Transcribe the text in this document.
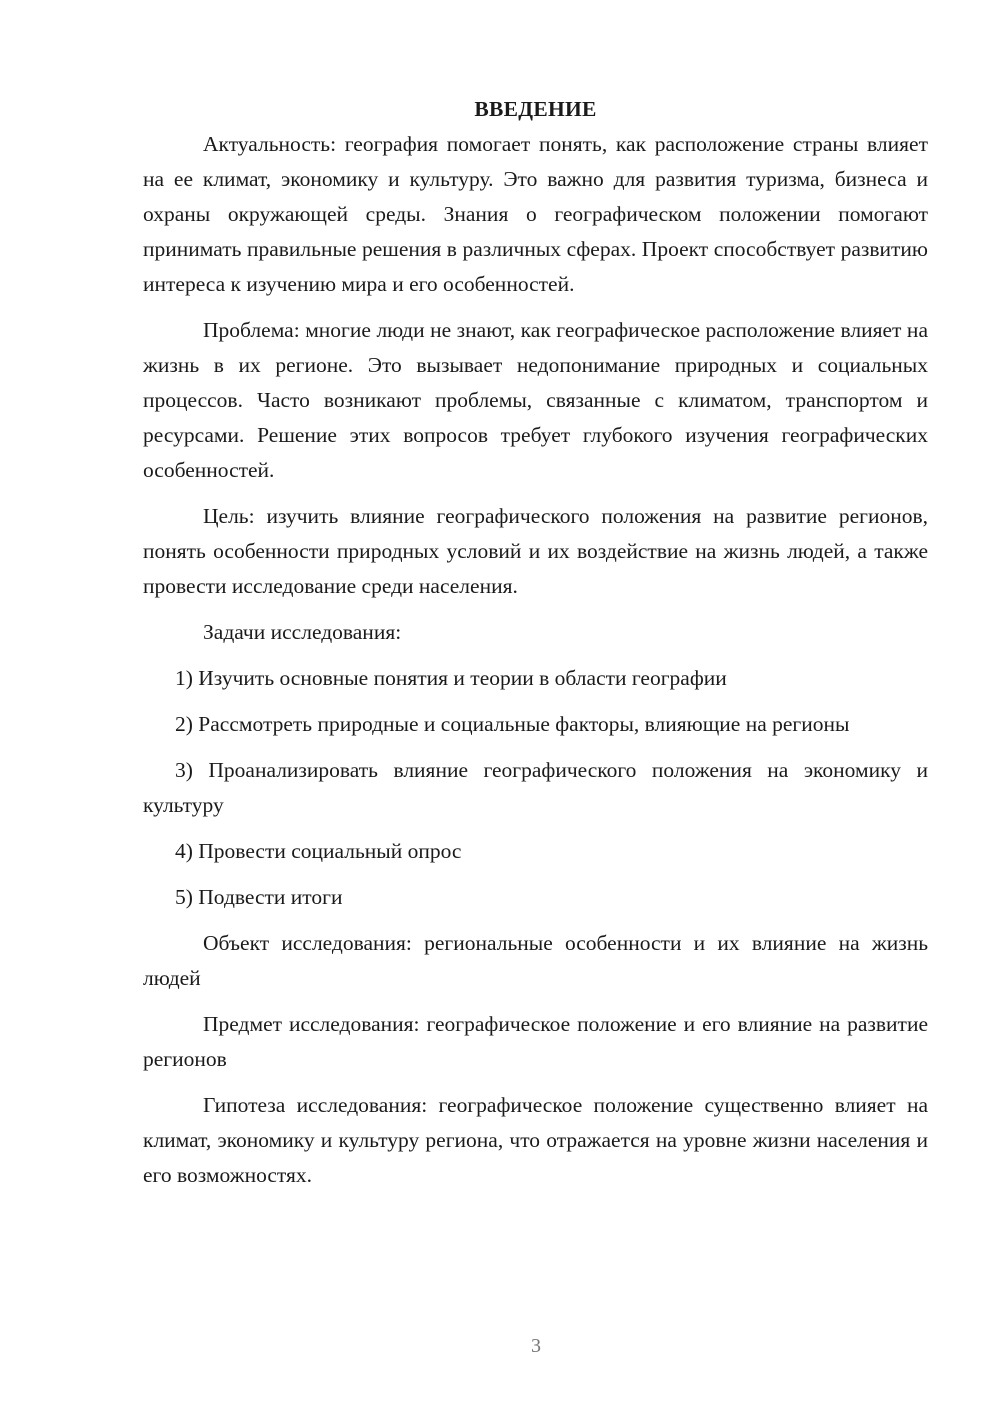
ВВЕДЕНИЕ

Актуальность: география помогает понять, как расположение страны влияет на ее климат, экономику и культуру. Это важно для развития туризма, бизнеса и охраны окружающей среды. Знания о географическом положении помогают принимать правильные решения в различных сферах. Проект способствует развитию интереса к изучению мира и его особенностей.

Проблема: многие люди не знают, как географическое расположение влияет на жизнь в их регионе. Это вызывает недопонимание природных и социальных процессов. Часто возникают проблемы, связанные с климатом, транспортом и ресурсами. Решение этих вопросов требует глубокого изучения географических особенностей.

Цель: изучить влияние географического положения на развитие регионов, понять особенности природных условий и их воздействие на жизнь людей, а также провести исследование среди населения.

Задачи исследования:

1) Изучить основные понятия и теории в области географии

2) Рассмотреть природные и социальные факторы, влияющие на регионы

3) Проанализировать влияние географического положения на экономику и культуру

4) Провести социальный опрос

5) Подвести итоги

Объект исследования: региональные особенности и их влияние на жизнь людей

Предмет исследования: географическое положение и его влияние на развитие регионов

Гипотеза исследования: географическое положение существенно влияет на климат, экономику и культуру региона, что отражается на уровне жизни населения и его возможностях.

3
